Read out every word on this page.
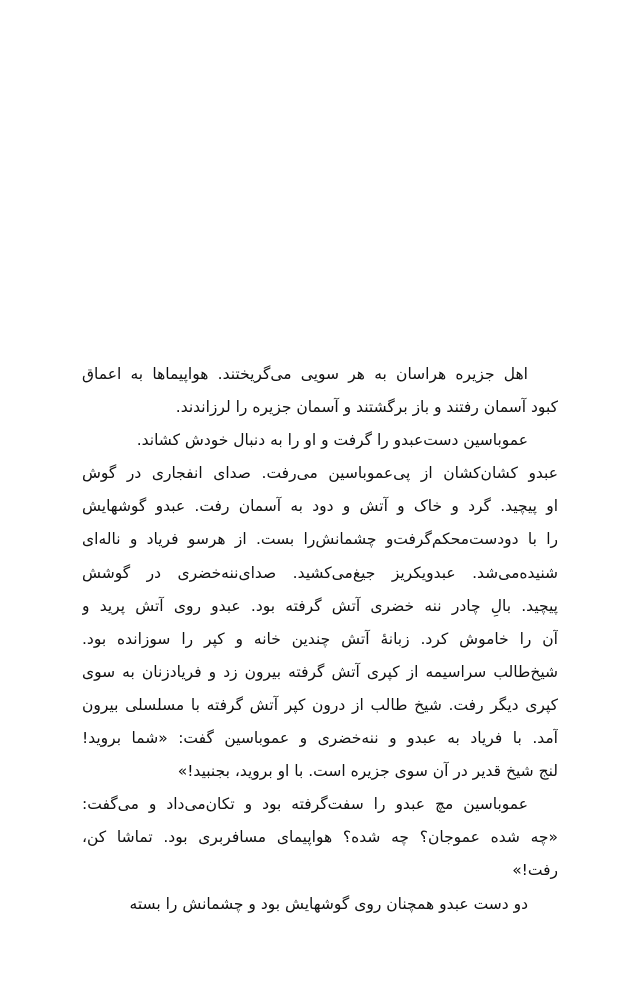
اهل جزیره هراسان به هر سویی می‌گریختند. هواپیماها به اعماق
کبود آسمان رفتند و باز برگشتند و آسمان جزیره را لرزاندند.
عموباسین دست‌عبدو را گرفت و او را به دنبال خودش کشاند.
عبدو کشان‌کشان از پی‌عموباسین می‌رفت. صدای انفجاری در گوش
او پیچید. گرد و خاک و آتش و دود به آسمان رفت. عبدو گوشهایش
را با دودست‌محکم‌گرفت‌و چشمانش‌را بست. از هرسو فریاد و ناله‌ای
شنیده‌می‌شد. عبدویکریز جیغ‌می‌کشید. صدای‌ننه‌خضری در گوشش
پیچید. بالِ چادر ننه خضری آتش گرفته بود. عبدو روی آتش پرید و
آن را خاموش کرد. زبانهٔ آتش چندین خانه و کپر را سوزانده بود.
شیخ‌طالب سراسیمه از کپری آتش گرفته بیرون زد و فریادزنان به سوی
کپری دیگر رفت. شیخ طالب از درون کپر آتش گرفته با مسلسلی بیرون
آمد. با فریاد به عبدو و ننه‌خضری و عموباسین گفت: «شما بروید!
لنج شیخ قدیر در آن سوی جزیره است. با او بروید، بجنبید!»
عموباسین مچ عبدو را سفت‌گرفته بود و تکان‌می‌داد و می‌گفت:
«چه شده عموجان؟ چه شده؟ هواپیمای مسافربری بود. تماشا کن،
رفت!»
دو دست عبدو همچنان روی گوشهایش بود و چشمانش را بسته
